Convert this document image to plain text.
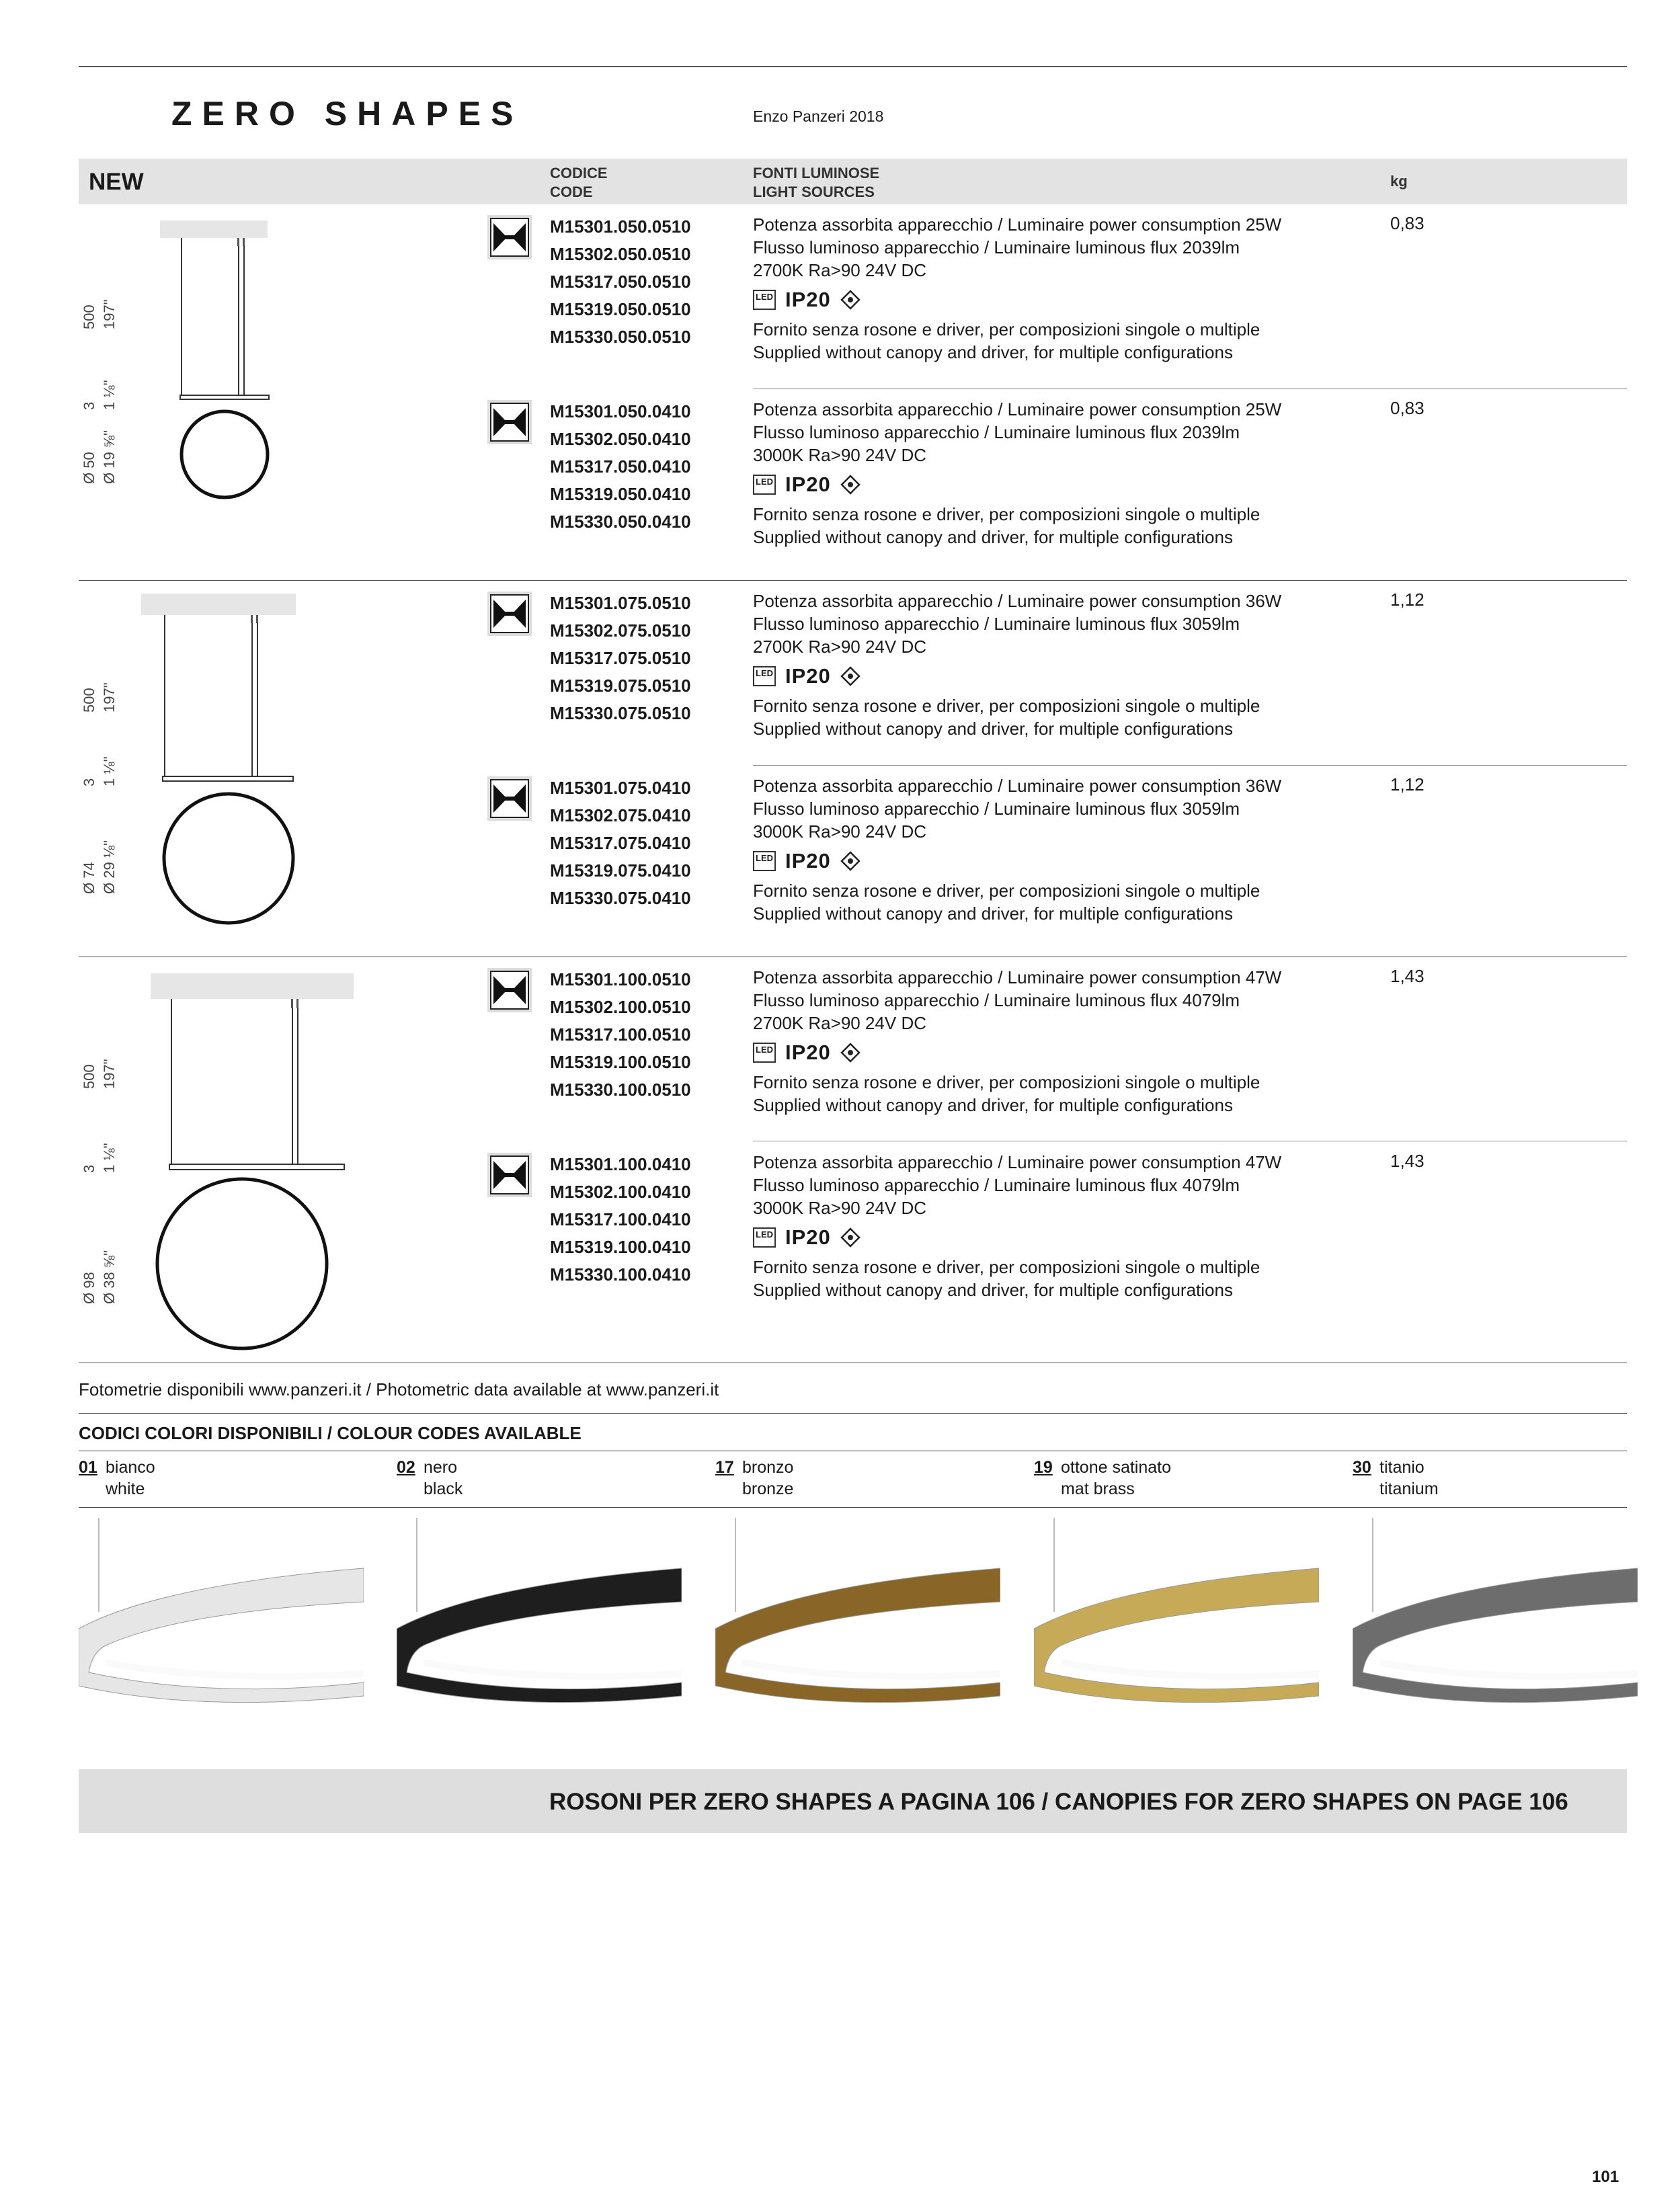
ZERO SHAPES	Enzo Panzeri 2018
NEW	CODICE
CODE
FONTI LUMINOSE
LIGHT SOURCES
kg
M15301.050.0510
M15302.050.0510
M15317.050.0510
M15319.050.0510
M15330.050.0510
Potenza assorbita apparecchio / Luminaire power consumption 25W
Flusso luminoso apparecchio / Luminaire luminous flux 2039lm
2700K Ra>90 24V DC
LED IP20
Fornito senza rosone e driver, per composizioni singole o multiple
Supplied without canopy and driver, for multiple configurations
0,83
M15301.050.0410
M15302.050.0410
M15317.050.0410
M15319.050.0410
M15330.050.0410
Potenza assorbita apparecchio / Luminaire power consumption 25W
Flusso luminoso apparecchio / Luminaire luminous flux 2039lm
3000K Ra>90 24V DC
LED IP20
Fornito senza rosone e driver, per composizioni singole o multiple
Supplied without canopy and driver, for multiple configurations
0,83
M15301.075.0510
M15302.075.0510
M15317.075.0510
M15319.075.0510
M15330.075.0510
Potenza assorbita apparecchio / Luminaire power consumption 36W
Flusso luminoso apparecchio / Luminaire luminous flux 3059lm
2700K Ra>90 24V DC
LED IP20
Fornito senza rosone e driver, per composizioni singole o multiple
Supplied without canopy and driver, for multiple configurations
1,12
M15301.075.0410
M15302.075.0410
M15317.075.0410
M15319.075.0410
M15330.075.0410
Potenza assorbita apparecchio / Luminaire power consumption 36W
Flusso luminoso apparecchio / Luminaire luminous flux 3059lm
3000K Ra>90 24V DC
LED IP20
Fornito senza rosone e driver, per composizioni singole o multiple
Supplied without canopy and driver, for multiple configurations
1,12
M15301.100.0510
M15302.100.0510
M15317.100.0510
M15319.100.0510
M15330.100.0510
Potenza assorbita apparecchio / Luminaire power consumption 47W
Flusso luminoso apparecchio / Luminaire luminous flux 4079lm
2700K Ra>90 24V DC
LED IP20
Fornito senza rosone e driver, per composizioni singole o multiple
Supplied without canopy and driver, for multiple configurations
1,43
M15301.100.0410
M15302.100.0410
M15317.100.0410
M15319.100.0410
M15330.100.0410
Potenza assorbita apparecchio / Luminaire power consumption 47W
Flusso luminoso apparecchio / Luminaire luminous flux 4079lm
3000K Ra>90 24V DC
LED IP20
Fornito senza rosone e driver, per composizioni singole o multiple
Supplied without canopy and driver, for multiple configurations
1,43
500 197"
3 1 ⅛"
Ø 50 Ø 19 ⅝"
500 197"
3 1 ⅛"
Ø 74 Ø 29 ⅛"
500 197"
3 1 ⅛"
Ø 98 Ø 38 ⅝"
Fotometrie disponibili www.panzeri.it / Photometric data available at www.panzeri.it
CODICI COLORI DISPONIBILI / COLOUR CODES AVAILABLE
01 bianco
white
02 nero
black
17 bronzo
bronze
19 ottone satinato
mat brass
30 titanio
titanium
ROSONI PER ZERO SHAPES A PAGINA 106 / CANOPIES FOR ZERO SHAPES ON PAGE 106
101
